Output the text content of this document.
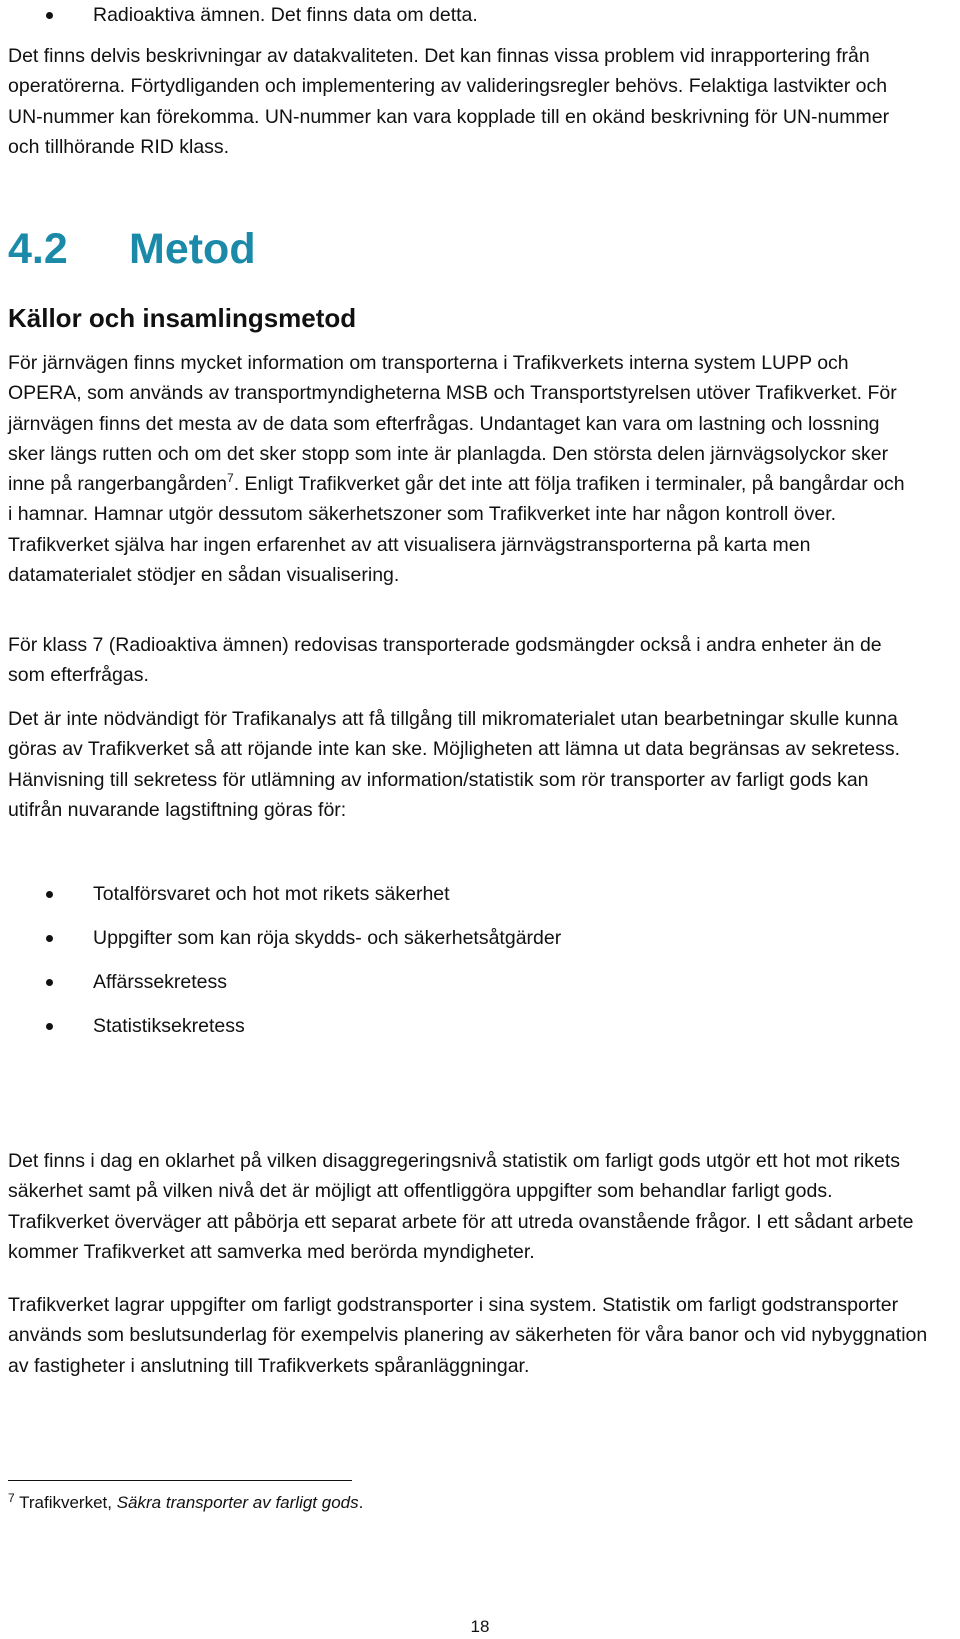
Radioaktiva ämnen. Det finns data om detta.

Det finns delvis beskrivningar av datakvaliteten. Det kan finnas vissa problem vid inrapportering från operatörerna. Förtydliganden och implementering av valideringsregler behövs. Felaktiga lastvikter och UN-nummer kan förekomma. UN-nummer kan vara kopplade till en okänd beskrivning för UN-nummer och tillhörande RID klass.

4.2 Metod
Källor och insamlingsmetod

För järnvägen finns mycket information om transporterna i Trafikverkets interna system LUPP och OPERA, som används av transportmyndigheterna MSB och Transportstyrelsen utöver Trafikverket. För järnvägen finns det mesta av de data som efterfrågas. Undantaget kan vara om lastning och lossning sker längs rutten och om det sker stopp som inte är planlagda. Den största delen järnvägsolyckor sker inne på rangerbangården$^7$. Enligt Trafikverket går det inte att följa trafiken i terminaler, på bangårdar och i hamnar. Hamnar utgör dessutom säkerhetszoner som Trafikverket inte har någon kontroll över. Trafikverket själva har ingen erfarenhet av att visualisera järnvägstransporterna på karta men datamaterialet stödjer en sådan visualisering.

För klass 7 (Radioaktiva ämnen) redovisas transporterade godsmängder också i andra enheter än de som efterfrågas.

Det är inte nödvändigt för Trafikanalys att få tillgång till mikromaterialet utan bearbetningar skulle kunna göras av Trafikverket så att röjande inte kan ske. Möjligheten att lämna ut data begränsas av sekretess. Hänvisning till sekretess för utlämning av information/statistik som rör transporter av farligt gods kan utifrån nuvarande lagstiftning göras för:

Totalförsvaret och hot mot rikets säkerhet
Uppgifter som kan röja skydds- och säkerhetsåtgärder
Affärssekretess
Statistiksekretess

Det finns i dag en oklarhet på vilken disaggregeringsnivå statistik om farligt gods utgör ett hot mot rikets säkerhet samt på vilken nivå det är möjligt att offentliggöra uppgifter som behandlar farligt gods. Trafikverket överväger att påbörja ett separat arbete för att utreda ovanstående frågor. I ett sådant arbete kommer Trafikverket att samverka med berörda myndigheter.

Trafikverket lagrar uppgifter om farligt godstransporter i sina system. Statistik om farligt godstransporter används som beslutsunderlag för exempelvis planering av säkerheten för våra banor och vid nybyggnation av fastigheter i anslutning till Trafikverkets spåranläggningar.

$^7$ Trafikverket, Säkra transporter av farligt gods.
18
